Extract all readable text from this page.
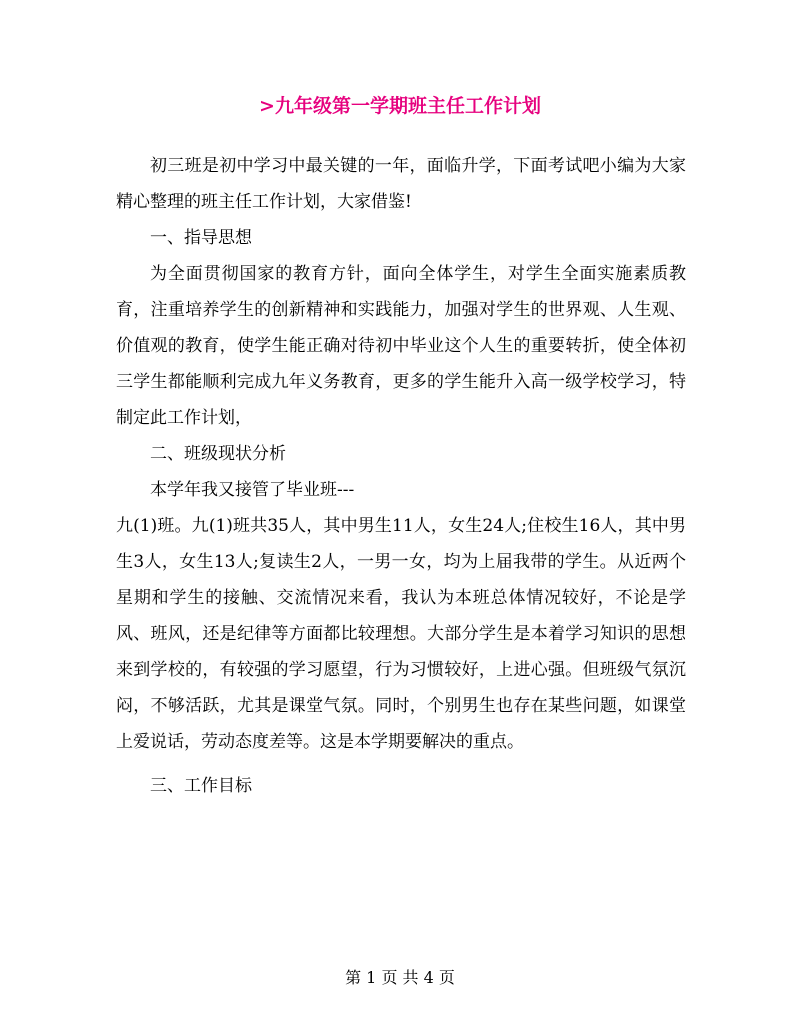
>九年级第一学期班主任工作计划

初三班是初中学习中最关键的一年，面临升学，下面考试吧小编为大家精心整理的班主任工作计划，大家借鉴!

一、指导思想

为全面贯彻国家的教育方针，面向全体学生，对学生全面实施素质教育，注重培养学生的创新精神和实践能力，加强对学生的世界观、人生观、价值观的教育，使学生能正确对待初中毕业这个人生的重要转折，使全体初三学生都能顺利完成九年义务教育，更多的学生能升入高一级学校学习，特制定此工作计划，

二、班级现状分析

本学年我又接管了毕业班---

九(1)班。九(1)班共35人，其中男生11人，女生24人;住校生16人，其中男生3人，女生13人;复读生2人，一男一女，均为上届我带的学生。从近两个星期和学生的接触、交流情况来看，我认为本班总体情况较好，不论是学风、班风，还是纪律等方面都比较理想。大部分学生是本着学习知识的思想来到学校的，有较强的学习愿望，行为习惯较好，上进心强。但班级气氛沉闷，不够活跃，尤其是课堂气氛。同时，个别男生也存在某些问题，如课堂上爱说话，劳动态度差等。这是本学期要解决的重点。

三、工作目标

第 1 页 共 4 页
